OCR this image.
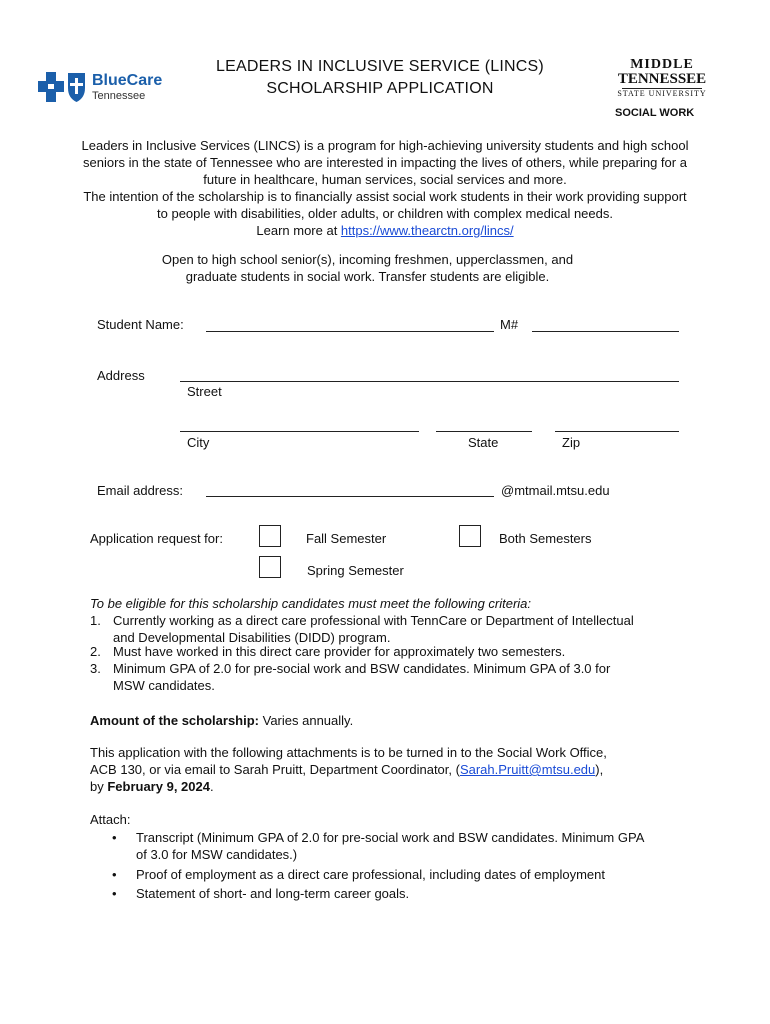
BlueCare
Tennessee
LEADERS IN INCLUSIVE SERVICE (LINCS)
SCHOLARSHIP APPLICATION
MIDDLE
TENNESSEE
STATE UNIVERSITY
SOCIAL WORK
Leaders in Inclusive Services (LINCS) is a program for high-achieving university students and high school
seniors in the state of Tennessee who are interested in impacting the lives of others, while preparing for a
future in healthcare, human services, social services and more.
The intention of the scholarship is to financially assist social work students in their work providing support
to people with disabilities, older adults, or children with complex medical needs.
Learn more at https://www.thearctn.org/lincs/
Open to high school senior(s), incoming freshmen, upperclassmen, and
graduate students in social work. Transfer students are eligible.
Student Name:	M#
Address
Street
City	State	Zip
Email address:	@mtmail.mtsu.edu
Application request for:	Fall Semester	Both Semesters
Spring Semester
To be eligible for this scholarship candidates must meet the following criteria:
1. Currently working as a direct care professional with TennCare or Department of Intellectual
and Developmental Disabilities (DIDD) program.
2. Must have worked in this direct care provider for approximately two semesters.
3. Minimum GPA of 2.0 for pre-social work and BSW candidates. Minimum GPA of 3.0 for
MSW candidates.
Amount of the scholarship: Varies annually.
This application with the following attachments is to be turned in to the Social Work Office,
ACB 130, or via email to Sarah Pruitt, Department Coordinator, (Sarah.Pruitt@mtsu.edu),
by February 9, 2024.
Attach:
• Transcript (Minimum GPA of 2.0 for pre-social work and BSW candidates. Minimum GPA
of 3.0 for MSW candidates.)
• Proof of employment as a direct care professional, including dates of employment
• Statement of short- and long-term career goals.
